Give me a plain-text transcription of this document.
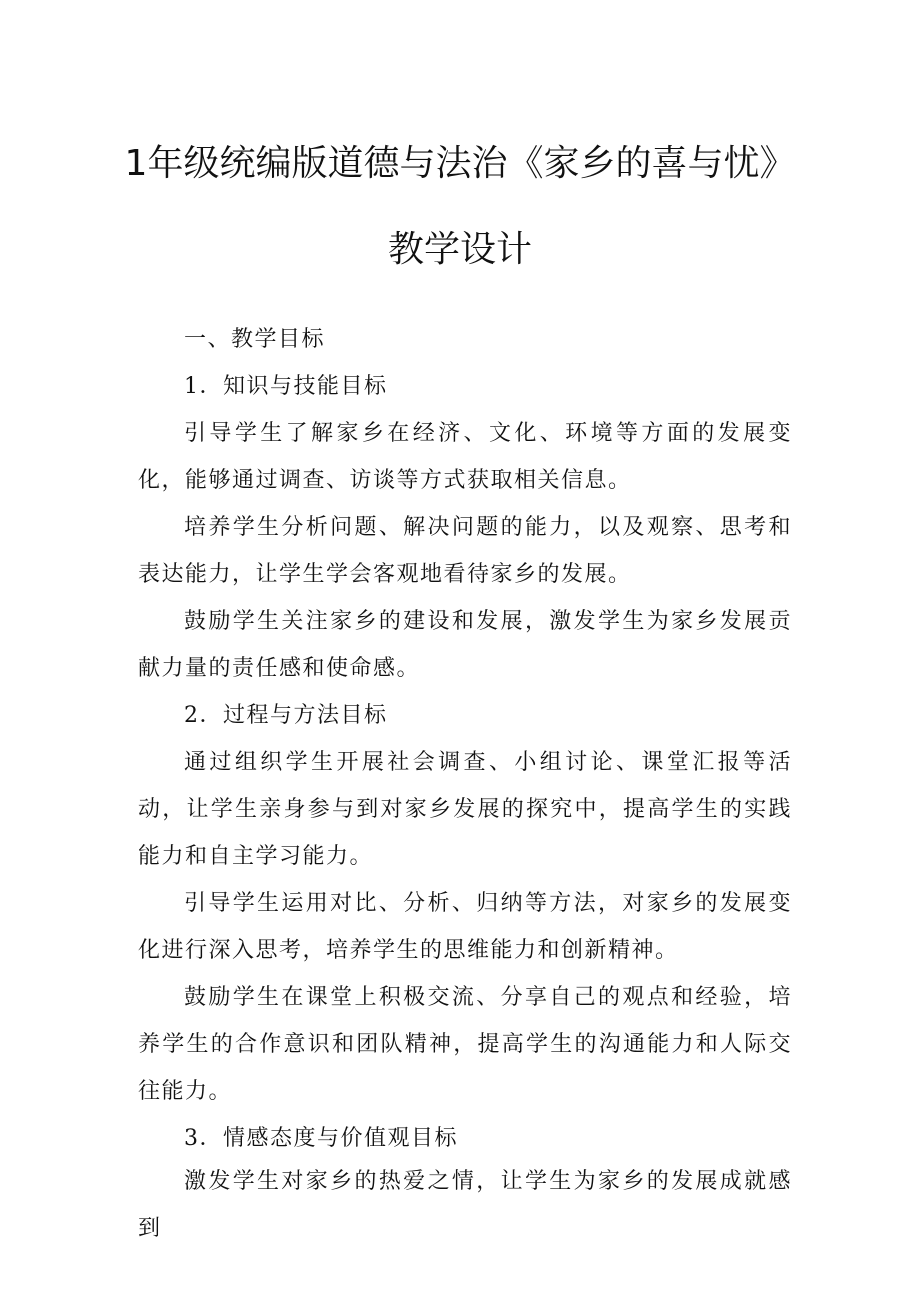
1年级统编版道德与法治《家乡的喜与忧》
教学设计

一、教学目标

1．知识与技能目标

引导学生了解家乡在经济、文化、环境等方面的发展变化，能够通过调查、访谈等方式获取相关信息。

培养学生分析问题、解决问题的能力，以及观察、思考和表达能力，让学生学会客观地看待家乡的发展。

鼓励学生关注家乡的建设和发展，激发学生为家乡发展贡献力量的责任感和使命感。

2．过程与方法目标

通过组织学生开展社会调查、小组讨论、课堂汇报等活动，让学生亲身参与到对家乡发展的探究中，提高学生的实践能力和自主学习能力。

引导学生运用对比、分析、归纳等方法，对家乡的发展变化进行深入思考，培养学生的思维能力和创新精神。

鼓励学生在课堂上积极交流、分享自己的观点和经验，培养学生的合作意识和团队精神，提高学生的沟通能力和人际交往能力。

3．情感态度与价值观目标

激发学生对家乡的热爱之情，让学生为家乡的发展成就感到
